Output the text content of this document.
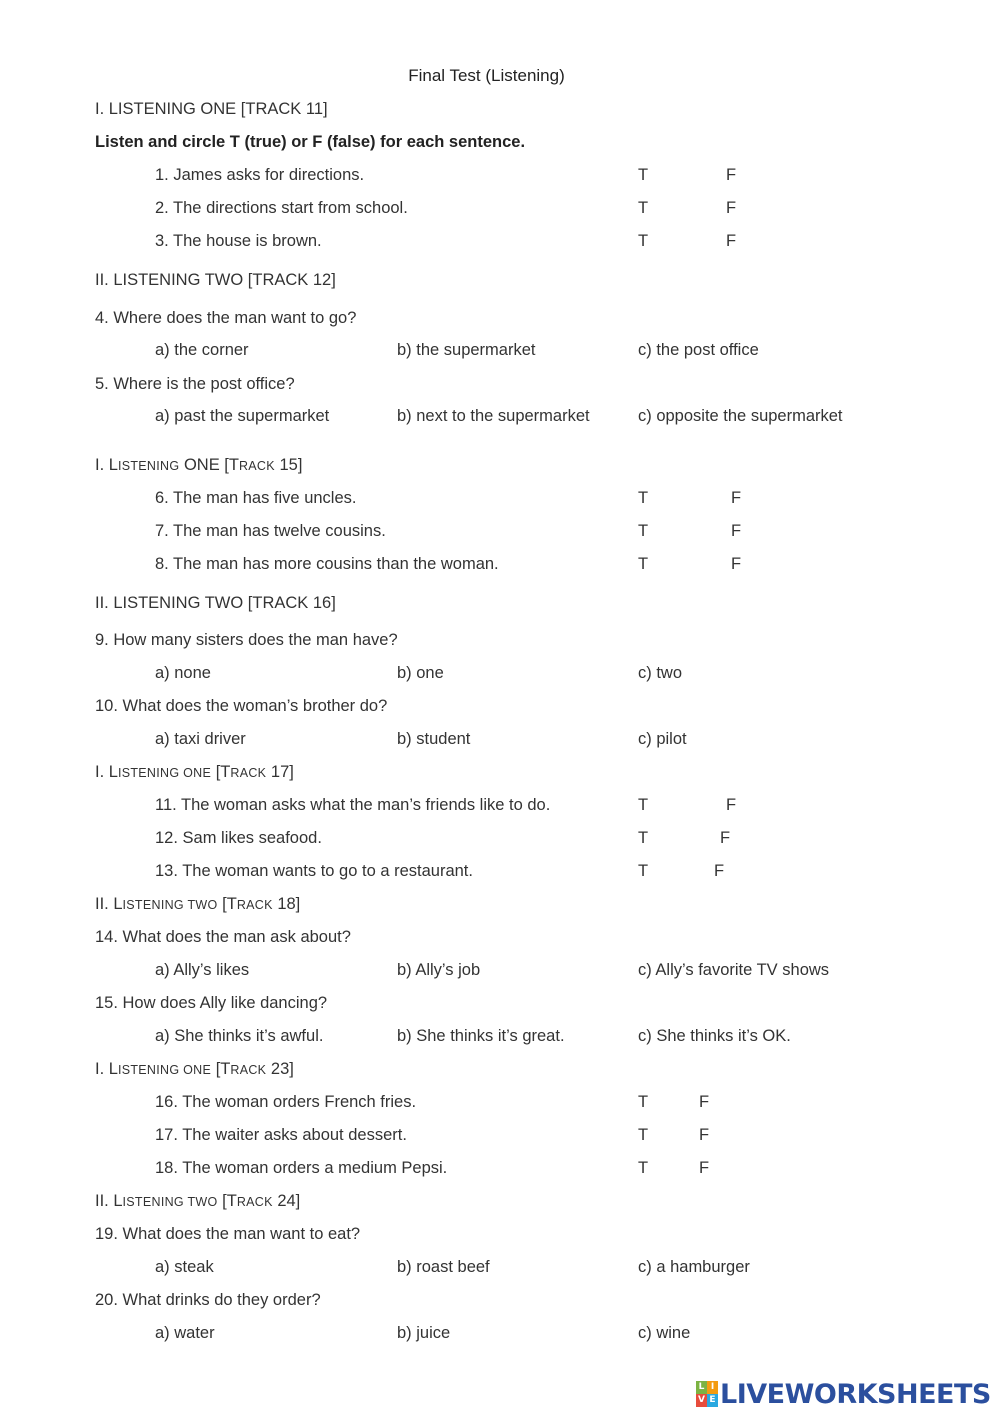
Final Test (Listening)
I. LISTENING ONE [TRACK 11]
Listen and circle T (true) or F (false) for each sentence.
1. James asks for directions.	T	F
2. The directions start from school.	T	F
3. The house is brown.	T	F
II. LISTENING TWO [TRACK 12]
4. Where does the man want to go?
a) the corner	b) the supermarket	c) the post office
5. Where is the post office?
a) past the supermarket	b) next to the supermarket	c) opposite the supermarket
I. LISTENING ONE [TRACK 15]
6. The man has five uncles.	T	F
7. The man has twelve cousins.	T	F
8. The man has more cousins than the woman.	T	F
II. LISTENING TWO [TRACK 16]
9. How many sisters does the man have?
a) none	b) one	c) two
10. What does the woman’s brother do?
a) taxi driver	b) student	c) pilot
I. LISTENING ONE [TRACK 17]
11. The woman asks what the man’s friends like to do.	T	F
12. Sam likes seafood.	T	F
13. The woman wants to go to a restaurant.	T	F
II. LISTENING TWO [TRACK 18]
14. What does the man ask about?
a) Ally’s likes	b) Ally’s job	c) Ally’s favorite TV shows
15. How does Ally like dancing?
a) She thinks it’s awful.	b) She thinks it’s great.	c) She thinks it’s OK.
I. LISTENING ONE [TRACK 23]
16. The woman orders French fries.	T	F
17. The waiter asks about dessert.	T	F
18. The woman orders a medium Pepsi.	T	F
II. LISTENING TWO [TRACK 24]
19. What does the man want to eat?
a) steak	b) roast beef	c) a hamburger
20. What drinks do they order?
a) water	b) juice	c) wine
L I
V E LIVEWORKSHEETS
